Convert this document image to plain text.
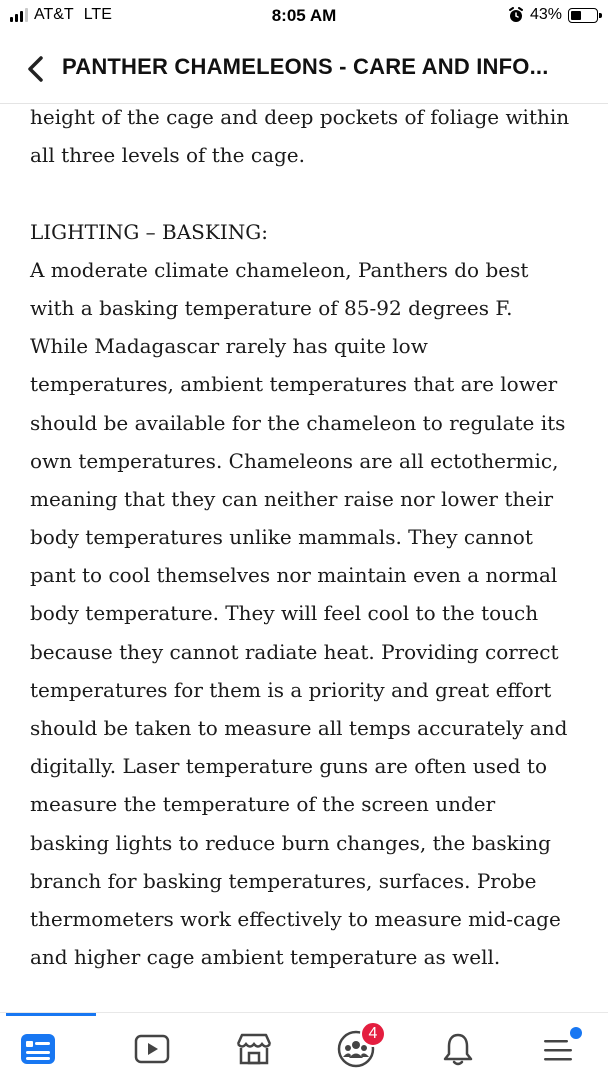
AT&T LTE	8:05 AM	43%
PANTHER CHAMELEONS - CARE AND INFO...

height of the cage and deep pockets of foliage within

all three levels of the cage.

LIGHTING – BASKING:

A moderate climate chameleon, Panthers do best

with a basking temperature of 85-92 degrees F.

While Madagascar rarely has quite low

temperatures, ambient temperatures that are lower

should be available for the chameleon to regulate its

own temperatures. Chameleons are all ectothermic,

meaning that they can neither raise nor lower their

body temperatures unlike mammals. They cannot

pant to cool themselves nor maintain even a normal

body temperature. They will feel cool to the touch

because they cannot radiate heat. Providing correct

temperatures for them is a priority and great effort

should be taken to measure all temps accurately and

digitally. Laser temperature guns are often used to

measure the temperature of the screen under

basking lights to reduce burn changes, the basking

branch for basking temperatures, surfaces. Probe

thermometers work effectively to measure mid-cage

and higher cage ambient temperature as well.

4
